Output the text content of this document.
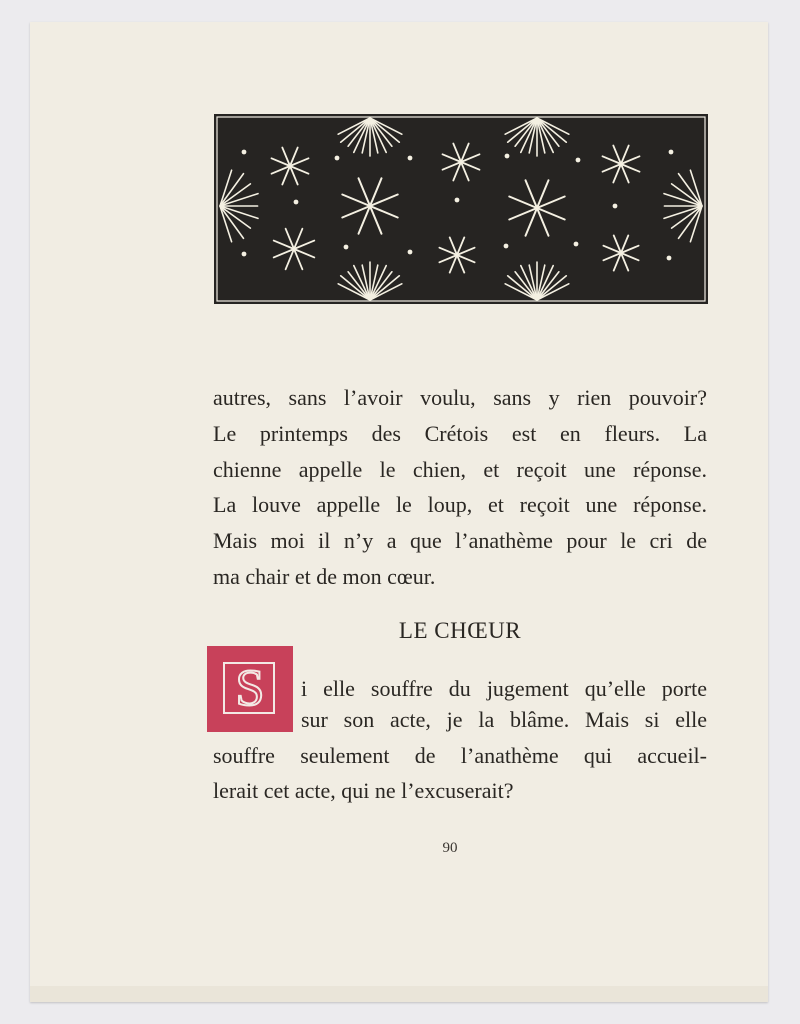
autres, sans l’avoir voulu, sans y rien pouvoir?
Le printemps des Crétois est en fleurs. La
chienne appelle le chien, et reçoit une réponse.
La louve appelle le loup, et reçoit une réponse.
Mais moi il n’y a que l’anathème pour le cri de
ma chair et de mon cœur.
LE CHŒUR
S	i elle souffre du jugement qu’elle porte
sur son acte, je la blâme. Mais si elle
souffre seulement de l’anathème qui accueil-
lerait cet acte, qui ne l’excuserait?
90
